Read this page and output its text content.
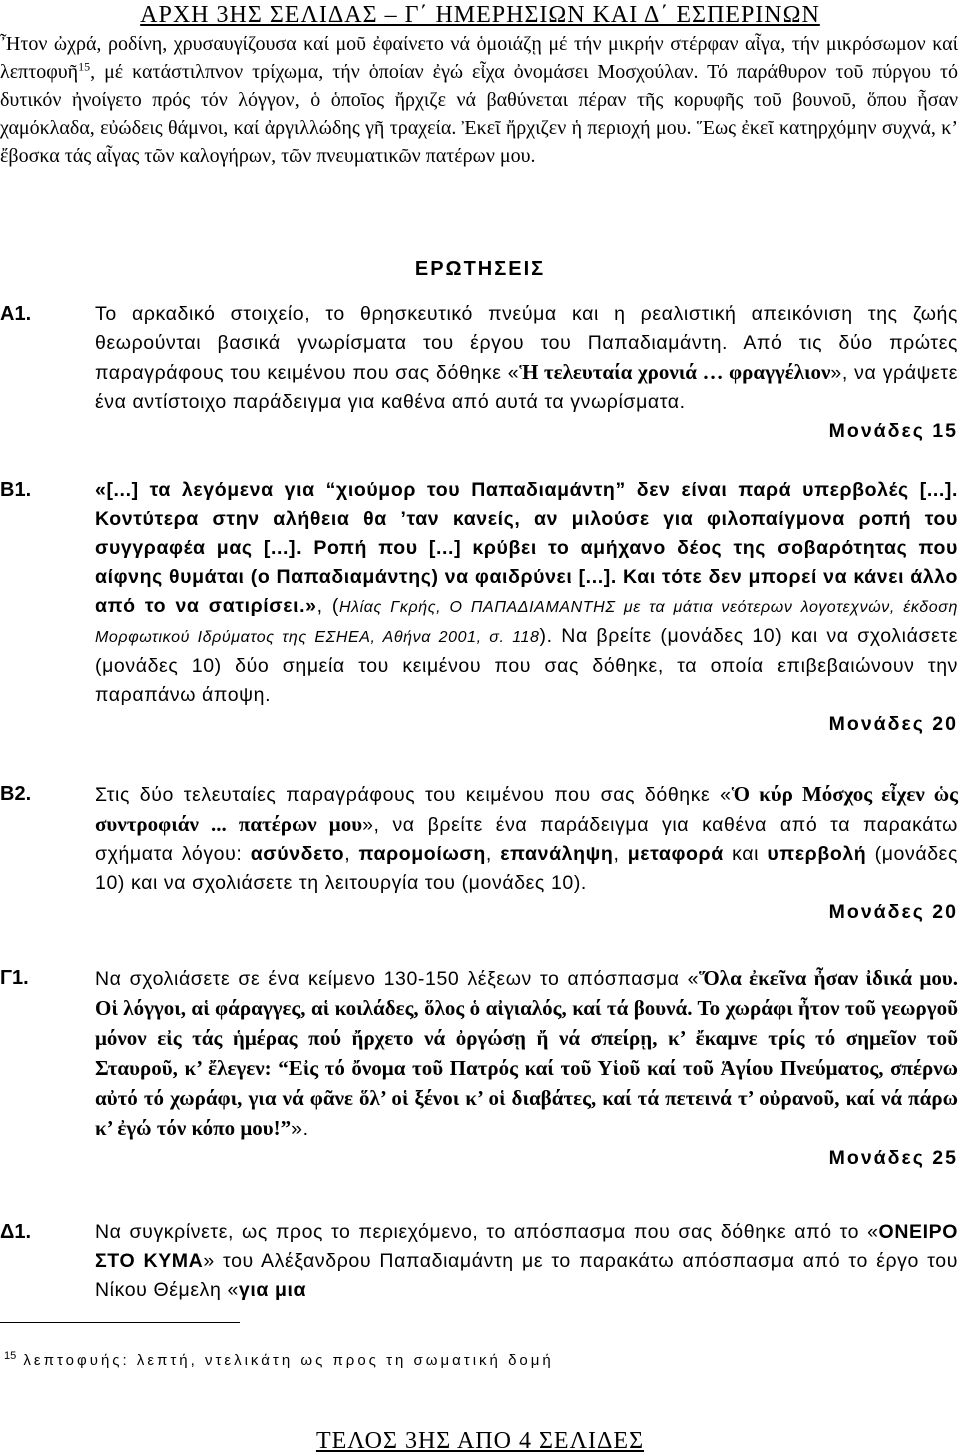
ΑΡΧΗ 3ΗΣ ΣΕΛΙΔΑΣ – Γ΄ ΗΜΕΡΗΣΙΩΝ ΚΑΙ Δ΄ ΕΣΠΕΡΙΝΩΝ
Ἦτον ὠχρά, ροδίνη, χρυσαυγίζουσα καί μοῦ ἐφαίνετο νά ὁμοιάζῃ μέ τήν μικρήν στέρφαν αἶγα, τήν μικρόσωμον καί λεπτοφυῆ$^{15}$, μέ κατάστιλπνον τρίχωμα, τήν ὁποίαν ἐγώ εἶχα ὀνομάσει Μοσχούλαν. Τό παράθυρον τοῦ πύργου τό δυτικόν ἠνοίγετο πρός τόν λόγγον, ὁ ὁποῖος ἤρχιζε νά βαθύνεται πέραν τῆς κορυφῆς τοῦ βουνοῦ, ὅπου ἦσαν χαμόκλαδα, εὐώδεις θάμνοι, καί ἀργιλλώδης γῆ τραχεία. Ἐκεῖ ἤρχιζεν ἡ περιοχή μου. Ἕως ἐκεῖ κατηρχόμην συχνά, κ’ ἔβοσκα τάς αἶγας τῶν καλογήρων, τῶν πνευματικῶν πατέρων μου.
ΕΡΩΤΗΣΕΙΣ
Α1.	Το αρκαδικό στοιχείο, το θρησκευτικό πνεύμα και η ρεαλιστική απεικόνιση της ζωής θεωρούνται βασικά γνωρίσματα του έργου του Παπαδιαμάντη. Από τις δύο πρώτες παραγράφους του κειμένου που σας δόθηκε «Ἡ τελευταία χρονιά … φραγγέλιον», να γράψετε ένα αντίστοιχο παράδειγμα για καθένα από αυτά τα γνωρίσματα.
Μονάδες 15
Β1.	«[...] τα λεγόμενα για “χιούμορ του Παπαδιαμάντη” δεν είναι παρά υπερβολές [...]. Κοντύτερα στην αλήθεια θα ’ταν κανείς, αν μιλούσε για φιλοπαίγμονα ροπή του συγγραφέα μας [...]. Ροπή που [...] κρύβει το αμήχανο δέος της σοβαρότητας που αίφνης θυμάται (ο Παπαδιαμάντης) να φαιδρύνει [...]. Και τότε δεν μπορεί να κάνει άλλο από το να σατιρίσει.», (Ηλίας Γκρής, Ο ΠΑΠΑΔΙΑΜΑΝΤΗΣ με τα μάτια νεότερων λογοτεχνών, έκδοση Μορφωτικού Ιδρύματος της ΕΣΗΕΑ, Αθήνα 2001, σ. 118). Να βρείτε (μονάδες 10) και να σχολιάσετε (μονάδες 10) δύο σημεία του κειμένου που σας δόθηκε, τα οποία επιβεβαιώνουν την παραπάνω άποψη.
Μονάδες 20
Β2.	Στις δύο τελευταίες παραγράφους του κειμένου που σας δόθηκε «Ὁ κύρ Μόσχος εἶχεν ὡς συντροφιάν ... πατέρων μου», να βρείτε ένα παράδειγμα για καθένα από τα παρακάτω σχήματα λόγου: ασύνδετο, παρομοίωση, επανάληψη, μεταφορά και υπερβολή (μονάδες 10) και να σχολιάσετε τη λειτουργία του (μονάδες 10).
Μονάδες 20
Γ1.	Να σχολιάσετε σε ένα κείμενο 130-150 λέξεων το απόσπασμα «Ὅλα ἐκεῖνα ἦσαν ἰδικά μου. Οἱ λόγγοι, αἱ φάραγγες, αἱ κοιλάδες, ὅλος ὁ αἰγιαλός, καί τά βουνά. Το χωράφι ἦτον τοῦ γεωργοῦ μόνον εἰς τάς ἡμέρας πού ἤρχετο νά ὀργώσῃ ἤ νά σπείρῃ, κ’ ἔκαμνε τρίς τό σημεῖον τοῦ Σταυροῦ, κ’ ἔλεγεν: “Εἰς τό ὄνομα τοῦ Πατρός καί τοῦ Υἱοῦ καί τοῦ Ἁγίου Πνεύματος, σπέρνω αὐτό τό χωράφι, για νά φᾶνε ὅλ’ οἱ ξένοι κ’ οἱ διαβάτες, καί τά πετεινά τ’ οὐρανοῦ, καί νά πάρω κ’ ἐγώ τόν κόπο μου!”».
Μονάδες 25
Δ1.	Να συγκρίνετε, ως προς το περιεχόμενο, το απόσπασμα που σας δόθηκε από το «ΟΝΕΙΡΟ ΣΤΟ ΚΥΜΑ» του Αλέξανδρου Παπαδιαμάντη με το παρακάτω απόσπασμα από το έργο του Νίκου Θέμελη «για μια
$^{15}$ λεπτοφυής: λεπτή, ντελικάτη ως προς τη σωματική δομή
ΤΕΛΟΣ 3ΗΣ ΑΠΟ 4 ΣΕΛΙΔΕΣ
